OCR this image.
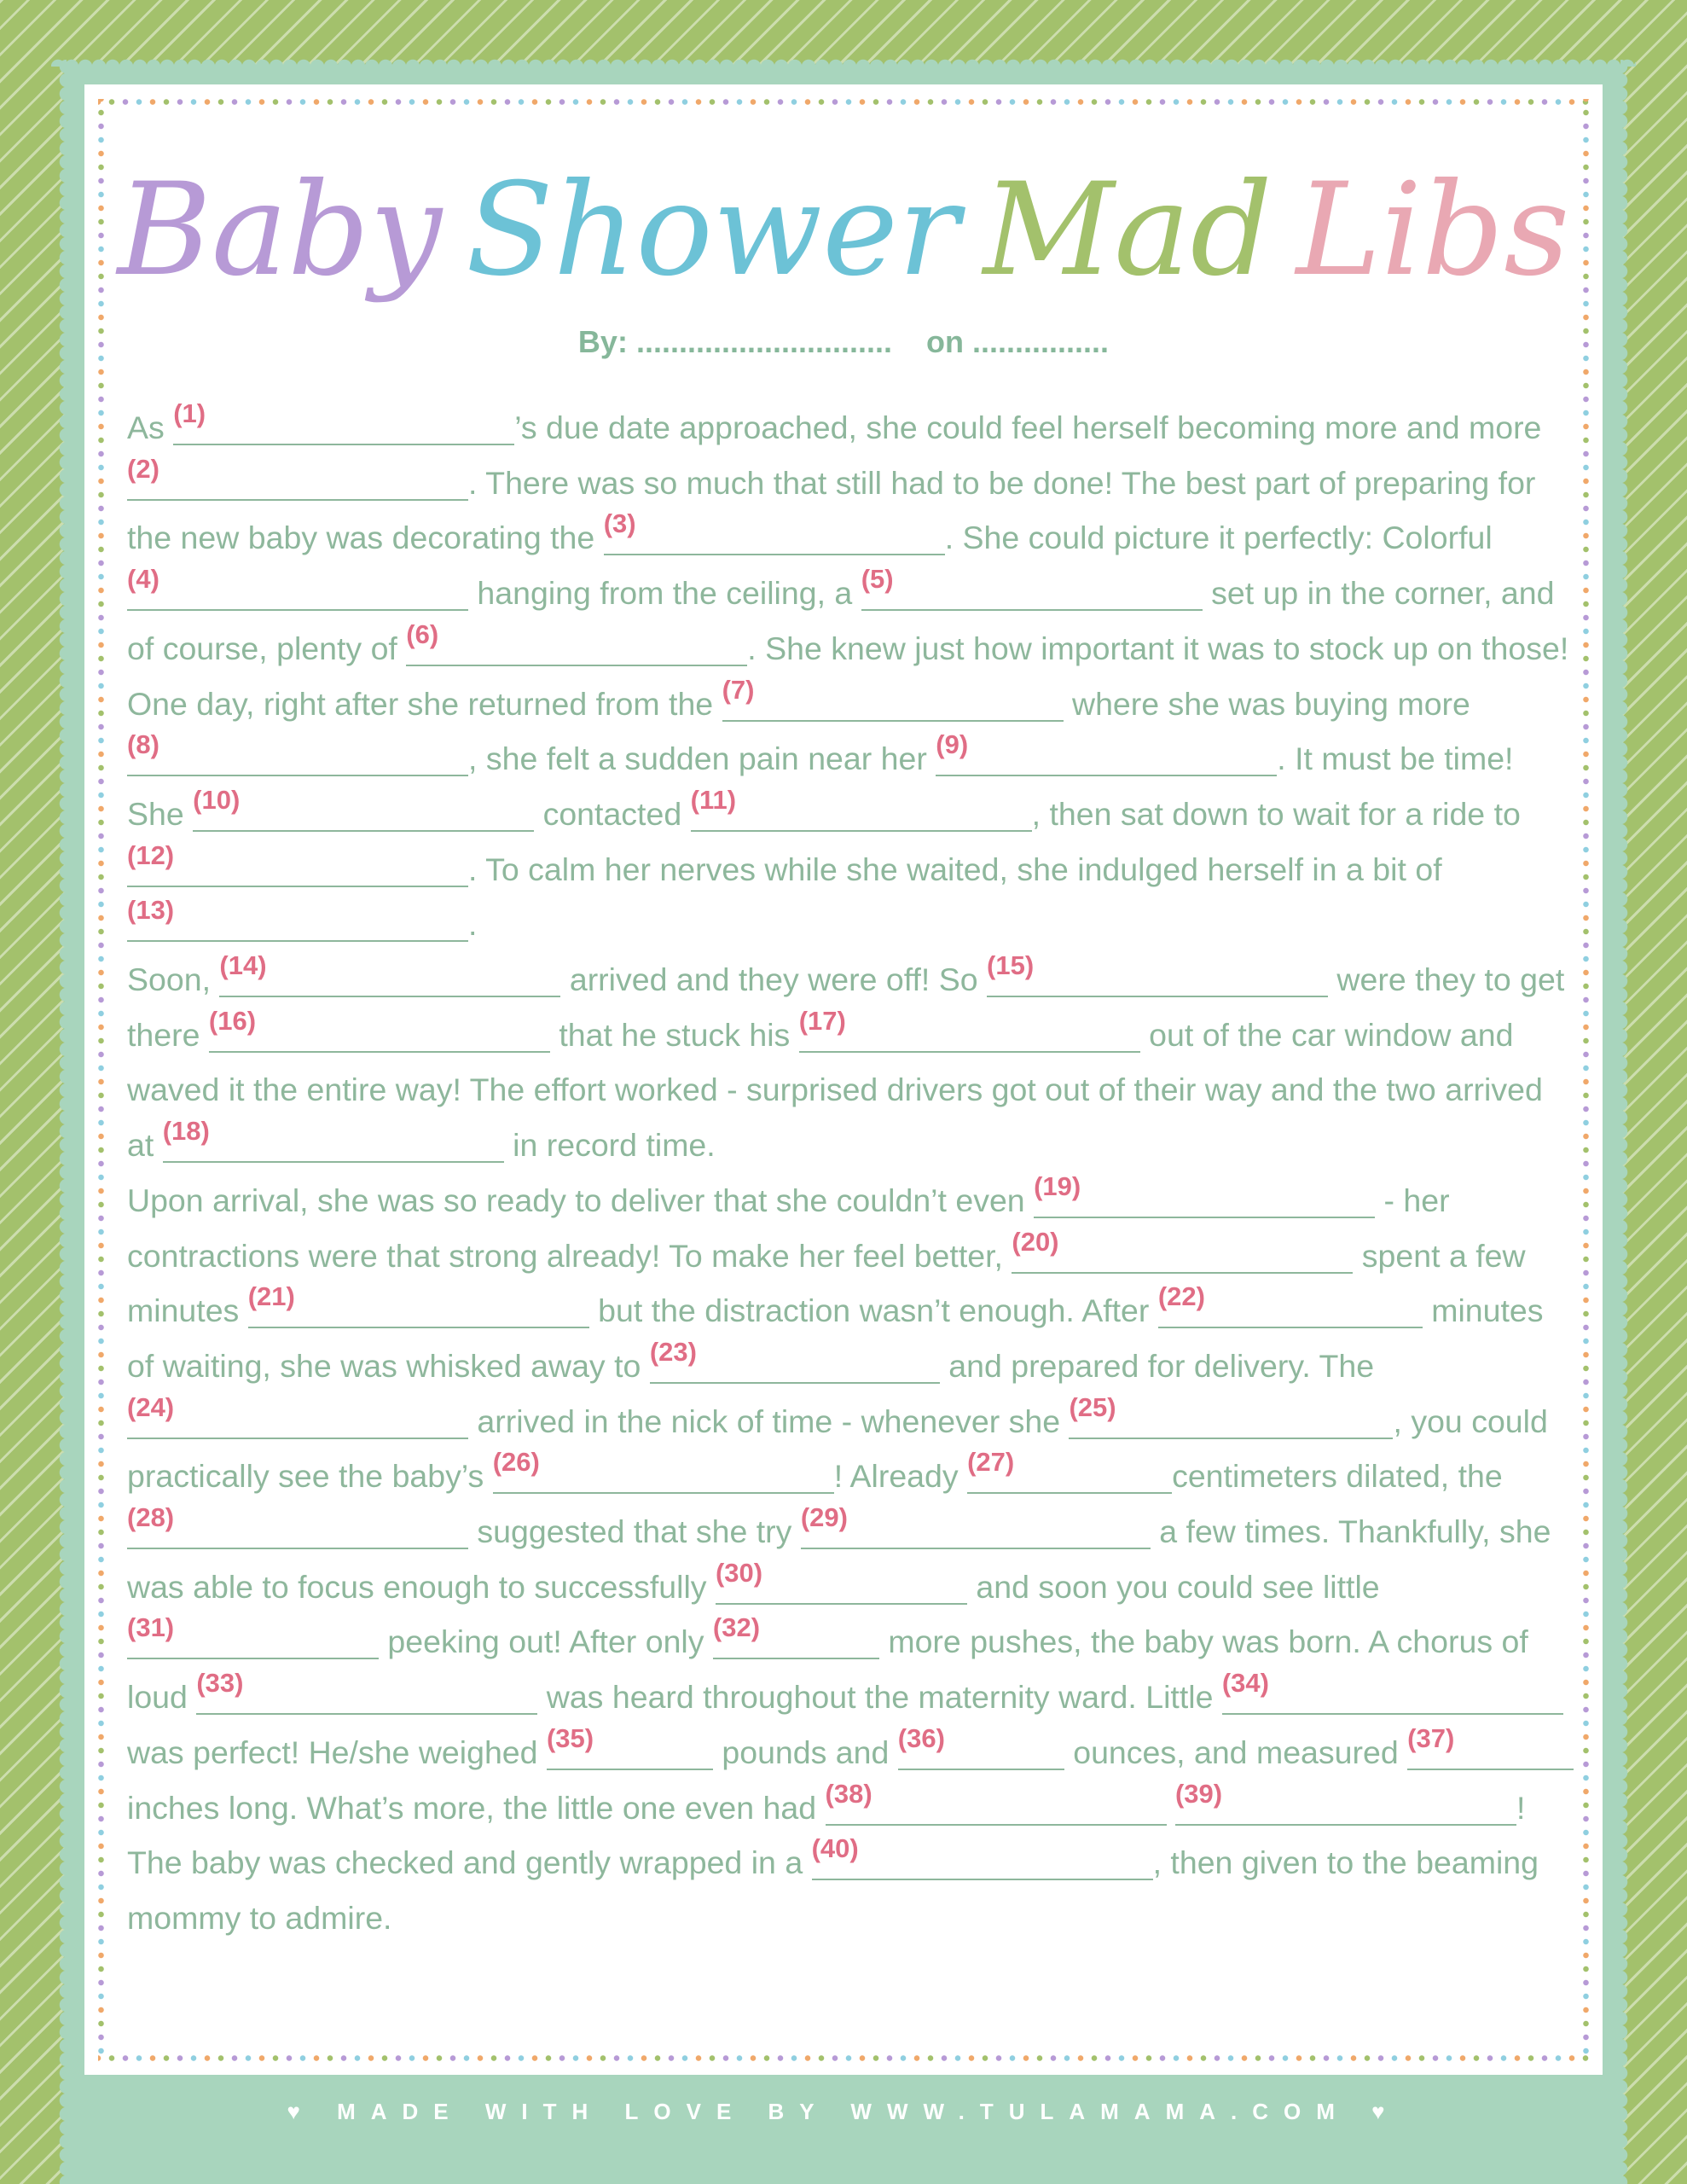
Baby Shower Mad Libs
By: .............................. on ................

As (1)	’s due date approached, she could feel herself becoming more and more
(2)	. There was so much that still had to be done! The best part of preparing for the new baby was decorating the (3)	. She could picture it perfectly: Colorful
(4)	hanging from the ceiling, a (5)	set up in the corner, and of course, plenty of (6)	. She knew just how important it was to stock up on those!

One day, right after she returned from the (7)	where she was buying more
(8)	, she felt a sudden pain near her (9)	. It must be time! She (10)	contacted (11)	, then sat down to wait for a ride to
(12)	. To calm her nerves while she waited, she indulged herself in a bit of
(13)	.

Soon, (14)	arrived and they were off! So (15)	were they to get there (16)	that he stuck his (17)	out of the car window and waved it the entire way! The effort worked - surprised drivers got out of their way and the two arrived at (18)	in record time.

Upon arrival, she was so ready to deliver that she couldn’t even (19)	- her contractions were that strong already! To make her feel better, (20)	spent a few minutes (21)	but the distraction wasn’t enough. After (22)	minutes of waiting, she was whisked away to (23)	and prepared for delivery. The
(24)	arrived in the nick of time - whenever she (25)	, you could practically see the baby’s (26)	! Already (27)	centimeters dilated, the
(28)	suggested that she try (29)	a few times. Thankfully, she was able to focus enough to successfully (30)	and soon you could see little
(31)	peeking out! After only (32)	more pushes, the baby was born. A chorus of loud (33)	was heard throughout the maternity ward. Little (34)
was perfect! He/she weighed (35)	pounds and (36)	ounces, and measured (37)
inches long. What’s more, the little one even had (38)
	(39)	! The baby was checked and gently wrapped in a (40)	, then given to the beaming mommy to admire.

♥ MADE WITH LOVE BY WWW.TULAMAMA.COM ♥
